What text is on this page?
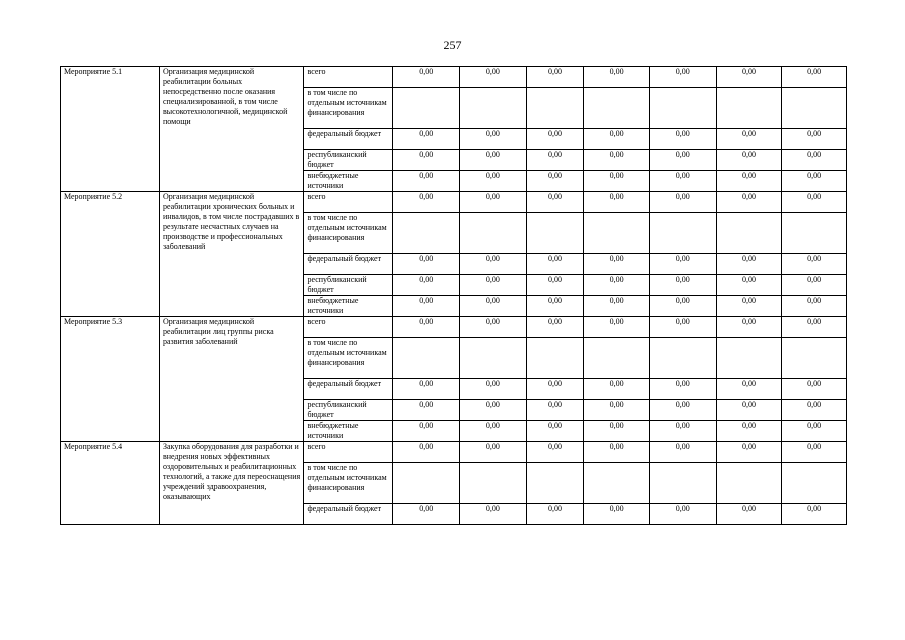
257
Мероприятие 5.1	Организация медицинской реабилитации больных непосредственно после оказания специализированной, в том числе высокотехнологичной, медицинской помощи	всего	0,00	0,00	0,00	0,00	0,00	0,00	0,00
		в том числе по отдельным источникам финансирования							
		федеральный бюджет	0,00	0,00	0,00	0,00	0,00	0,00	0,00
		республиканский бюджет	0,00	0,00	0,00	0,00	0,00	0,00	0,00
		внебюджетные источники	0,00	0,00	0,00	0,00	0,00	0,00	0,00
Мероприятие 5.2	Организация медицинской реабилитации хронических больных и инвалидов, в том числе пострадавших в результате несчастных случаев на производстве и профессиональных заболеваний	всего	0,00	0,00	0,00	0,00	0,00	0,00	0,00
		в том числе по отдельным источникам финансирования							
		федеральный бюджет	0,00	0,00	0,00	0,00	0,00	0,00	0,00
		республиканский бюджет	0,00	0,00	0,00	0,00	0,00	0,00	0,00
		внебюджетные источники	0,00	0,00	0,00	0,00	0,00	0,00	0,00
Мероприятие 5.3	Организация медицинской реабилитации лиц группы риска развития заболеваний	всего	0,00	0,00	0,00	0,00	0,00	0,00	0,00
		в том числе по отдельным источникам финансирования							
		федеральный бюджет	0,00	0,00	0,00	0,00	0,00	0,00	0,00
		республиканский бюджет	0,00	0,00	0,00	0,00	0,00	0,00	0,00
		внебюджетные источники	0,00	0,00	0,00	0,00	0,00	0,00	0,00
Мероприятие 5.4	Закупка оборудования для разработки и внедрения новых эффективных оздоровительных и реабилитационных технологий, а также для переоснащения учреждений здравоохранения, оказывающих	всего	0,00	0,00	0,00	0,00	0,00	0,00	0,00
		в том числе по отдельным источникам финансирования							
		федеральный бюджет	0,00	0,00	0,00	0,00	0,00	0,00	0,00
